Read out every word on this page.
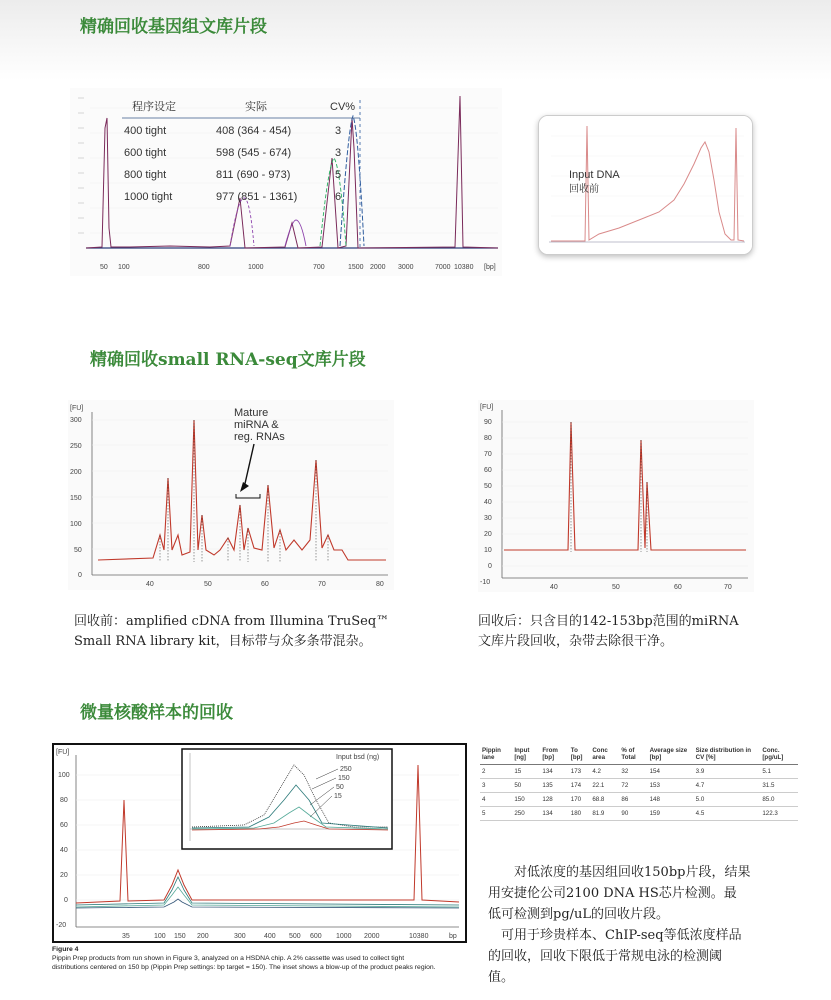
精确回收基因组文库片段
50 100	800	1000	700	1500 2000 3000	7000 10380 [bp]
程序设定	实际	CV%
400 tight	408 (364 - 454)	3
600 tight	598 (545 - 674)	3
800 tight	811 (690 - 973)	5
1000 tight	977 (851 - 1361)	6
Input DNA
回收前
精确回收small RNA-seq文库片段
[FU]
300
250
200
150
100
50
0
40	50	60	70	80
Mature
miRNA &
reg. RNAs
[FU]
90
80
70
60
50
40
30
20
10
0
-10
40	50	60	70
回收前：amplified cDNA from Illumina TruSeq™
Small RNA library kit，目标带与众多条带混杂。
回收后：只含目的142-153bp范围的miRNA
文库片段回收，杂带去除很干净。
微量核酸样本的回收
[FU]
100
80
60
40
20
0
-20
35	100 150 200	300	400 500 600 1000 2000	10380	bp
Input bsd (ng)
250
150
50
15
Figure 4
Pippin Prep products from run shown in Figure 3, analyzed on a HSDNA chip. A 2% cassette was used to collect tight distributions centered on 150 bp (Pippin Prep settings: bp target = 150). The inset shows a blow-up of the product peaks region.
Pippin lane	Input [ng]	From [bp]	To [bp]	Conc area	% of Total	Average size [bp]	Size distribution in CV [%]	Conc. [pg/uL]
2	15	134	173	4.2	32	154	3.9	5.1
3	50	135	174	22.1	72	153	4.7	31.5
4	150	128	170	68.8	86	148	5.0	85.0
5	250	134	180	81.9	90	159	4.5	122.3
对低浓度的基因组回收150bp片段，结果
用安捷伦公司2100 DNA HS芯片检测。最
低可检测到pg/uL的回收片段。
可用于珍贵样本、ChIP-seq等低浓度样品
的回收，回收下限低于常规电泳的检测阈
值。
